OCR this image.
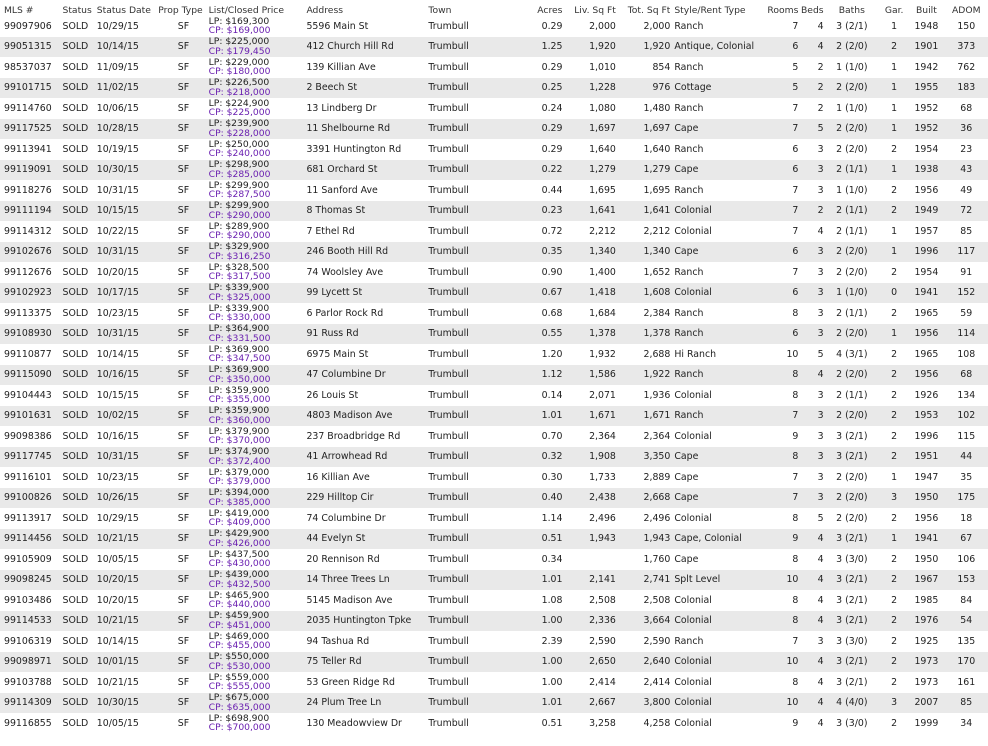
MLS #	Status	Status Date	Prop Type	List/Closed Price	Address	Town	Acres	Liv. Sq Ft	Tot. Sq Ft	Style/Rent Type	Rooms	Beds	Baths	Gar.	Built	ADOM
99097906	SOLD	10/29/15	SF	LP: $169,300
CP: $169,000	5596 Main St	Trumbull	0.29	2,000	2,000	Ranch	7	4	3 (2/1)	1	1948	150
99051315	SOLD	10/14/15	SF	LP: $225,000
CP: $179,450	412 Church Hill Rd	Trumbull	1.25	1,920	1,920	Antique, Colonial	6	4	2 (2/0)	2	1901	373
98537037	SOLD	11/09/15	SF	LP: $229,000
CP: $180,000	139 Killian Ave	Trumbull	0.29	1,010	854	Ranch	5	2	1 (1/0)	1	1942	762
99101715	SOLD	11/02/15	SF	LP: $226,500
CP: $218,000	2 Beech St	Trumbull	0.25	1,228	976	Cottage	5	2	2 (2/0)	1	1955	183
99114760	SOLD	10/06/15	SF	LP: $224,900
CP: $225,000	13 Lindberg Dr	Trumbull	0.24	1,080	1,480	Ranch	7	2	1 (1/0)	1	1952	68
99117525	SOLD	10/28/15	SF	LP: $239,900
CP: $228,000	11 Shelbourne Rd	Trumbull	0.29	1,697	1,697	Cape	7	5	2 (2/0)	1	1952	36
99113941	SOLD	10/19/15	SF	LP: $250,000
CP: $240,000	3391 Huntington Rd	Trumbull	0.29	1,640	1,640	Ranch	6	3	2 (2/0)	2	1954	23
99119091	SOLD	10/30/15	SF	LP: $298,900
CP: $285,000	681 Orchard St	Trumbull	0.22	1,279	1,279	Cape	6	3	2 (1/1)	1	1938	43
99118276	SOLD	10/31/15	SF	LP: $299,900
CP: $287,500	11 Sanford Ave	Trumbull	0.44	1,695	1,695	Ranch	7	3	1 (1/0)	2	1956	49
99111194	SOLD	10/15/15	SF	LP: $299,900
CP: $290,000	8 Thomas St	Trumbull	0.23	1,641	1,641	Colonial	7	2	2 (1/1)	2	1949	72
99114312	SOLD	10/22/15	SF	LP: $289,900
CP: $290,000	7 Ethel Rd	Trumbull	0.72	2,212	2,212	Colonial	7	4	2 (1/1)	1	1957	85
99102676	SOLD	10/31/15	SF	LP: $329,900
CP: $316,250	246 Booth Hill Rd	Trumbull	0.35	1,340	1,340	Cape	6	3	2 (2/0)	1	1996	117
99112676	SOLD	10/20/15	SF	LP: $328,500
CP: $317,500	74 Woolsley Ave	Trumbull	0.90	1,400	1,652	Ranch	7	3	2 (2/0)	2	1954	91
99102923	SOLD	10/17/15	SF	LP: $339,900
CP: $325,000	99 Lycett St	Trumbull	0.67	1,418	1,608	Colonial	6	3	1 (1/0)	0	1941	152
99113375	SOLD	10/23/15	SF	LP: $339,900
CP: $330,000	6 Parlor Rock Rd	Trumbull	0.68	1,684	2,384	Ranch	8	3	2 (1/1)	2	1965	59
99108930	SOLD	10/31/15	SF	LP: $364,900
CP: $331,500	91 Russ Rd	Trumbull	0.55	1,378	1,378	Ranch	6	3	2 (2/0)	1	1956	114
99110877	SOLD	10/14/15	SF	LP: $369,900
CP: $347,500	6975 Main St	Trumbull	1.20	1,932	2,688	Hi Ranch	10	5	4 (3/1)	2	1965	108
99115090	SOLD	10/16/15	SF	LP: $369,900
CP: $350,000	47 Columbine Dr	Trumbull	1.12	1,586	1,922	Ranch	8	4	2 (2/0)	2	1956	68
99104443	SOLD	10/15/15	SF	LP: $359,900
CP: $355,000	26 Louis St	Trumbull	0.14	2,071	1,936	Colonial	8	3	2 (1/1)	2	1926	134
99101631	SOLD	10/02/15	SF	LP: $359,900
CP: $360,000	4803 Madison Ave	Trumbull	1.01	1,671	1,671	Ranch	7	3	2 (2/0)	2	1953	102
99098386	SOLD	10/16/15	SF	LP: $379,900
CP: $370,000	237 Broadbridge Rd	Trumbull	0.70	2,364	2,364	Colonial	9	3	3 (2/1)	2	1996	115
99117745	SOLD	10/31/15	SF	LP: $374,900
CP: $372,400	41 Arrowhead Rd	Trumbull	0.32	1,908	3,350	Cape	8	3	3 (2/1)	2	1951	44
99116101	SOLD	10/23/15	SF	LP: $379,000
CP: $379,000	16 Killian Ave	Trumbull	0.30	1,733	2,889	Cape	7	3	2 (2/0)	1	1947	35
99100826	SOLD	10/26/15	SF	LP: $394,000
CP: $385,000	229 Hilltop Cir	Trumbull	0.40	2,438	2,668	Cape	7	3	2 (2/0)	3	1950	175
99113917	SOLD	10/29/15	SF	LP: $419,000
CP: $409,000	74 Columbine Dr	Trumbull	1.14	2,496	2,496	Colonial	8	5	2 (2/0)	2	1956	18
99114456	SOLD	10/21/15	SF	LP: $429,900
CP: $426,000	44 Evelyn St	Trumbull	0.51	1,943	1,943	Cape, Colonial	9	4	3 (2/1)	1	1941	67
99105909	SOLD	10/05/15	SF	LP: $437,500
CP: $430,000	20 Rennison Rd	Trumbull	0.34		1,760	Cape	8	4	3 (3/0)	2	1950	106
99098245	SOLD	10/20/15	SF	LP: $439,000
CP: $432,500	14 Three Trees Ln	Trumbull	1.01	2,141	2,741	Splt Level	10	4	3 (2/1)	2	1967	153
99103486	SOLD	10/20/15	SF	LP: $465,900
CP: $440,000	5145 Madison Ave	Trumbull	1.08	2,508	2,508	Colonial	8	4	3 (2/1)	2	1985	84
99114533	SOLD	10/21/15	SF	LP: $459,900
CP: $451,000	2035 Huntington Tpke	Trumbull	1.00	2,336	3,664	Colonial	8	4	3 (2/1)	2	1976	54
99106319	SOLD	10/14/15	SF	LP: $469,000
CP: $455,000	94 Tashua Rd	Trumbull	2.39	2,590	2,590	Ranch	7	3	3 (3/0)	2	1925	135
99098971	SOLD	10/01/15	SF	LP: $550,000
CP: $530,000	75 Teller Rd	Trumbull	1.00	2,650	2,640	Colonial	10	4	3 (2/1)	2	1973	170
99103788	SOLD	10/21/15	SF	LP: $559,000
CP: $555,000	53 Green Ridge Rd	Trumbull	1.00	2,414	2,414	Colonial	8	4	3 (2/1)	2	1973	161
99114309	SOLD	10/30/15	SF	LP: $675,000
CP: $635,000	24 Plum Tree Ln	Trumbull	1.01	2,667	3,800	Colonial	10	4	4 (4/0)	3	2007	85
99116855	SOLD	10/05/15	SF	LP: $698,900
CP: $700,000	130 Meadowview Dr	Trumbull	0.51	3,258	4,258	Colonial	9	4	3 (3/0)	2	1999	34
